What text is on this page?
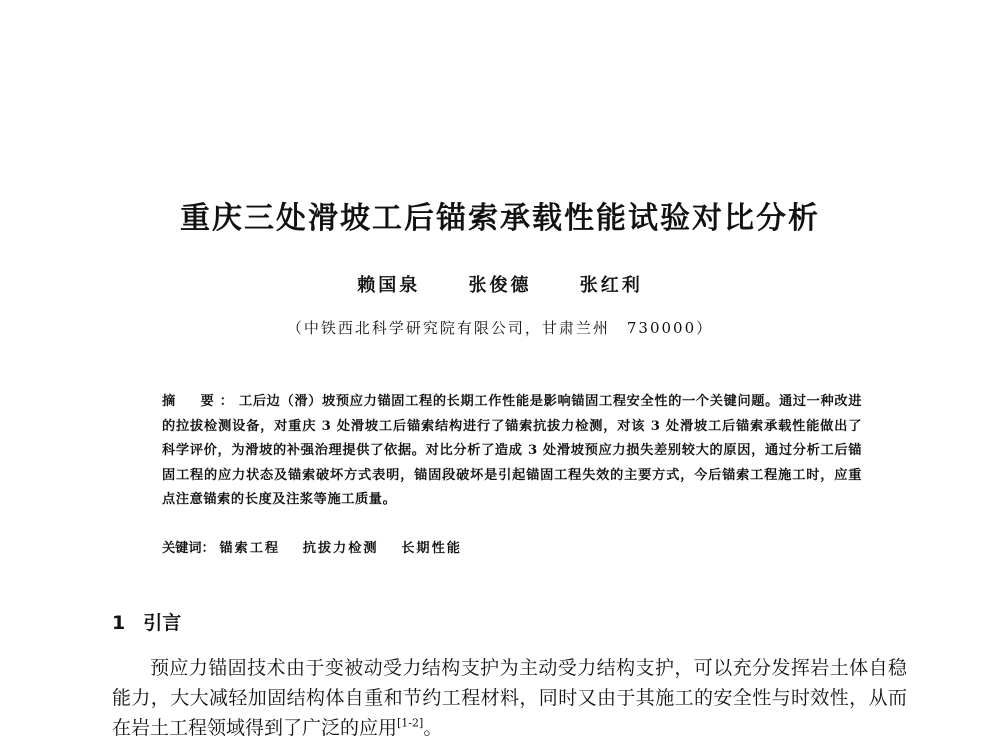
重庆三处滑坡工后锚索承载性能试验对比分析
赖国泉	张俊德	张红利
（中铁西北科学研究院有限公司，甘肃兰州　730000）
摘　要：工后边（滑）坡预应力锚固工程的长期工作性能是影响锚固工程安全性的一个关键问题。通过一种改进的拉拔检测设备，对重庆 3 处滑坡工后锚索结构进行了锚索抗拔力检测，对该 3 处滑坡工后锚索承载性能做出了科学评价，为滑坡的补强治理提供了依据。对比分析了造成 3 处滑坡预应力损失差别较大的原因，通过分析工后锚固工程的应力状态及锚索破坏方式表明，锚固段破坏是引起锚固工程失效的主要方式，今后锚索工程施工时，应重点注意锚索的长度及注浆等施工质量。
关键词： 锚索工程 抗拔力检测 长期性能
1 引言

预应力锚固技术由于变被动受力结构支护为主动受力结构支护，可以充分发挥岩土体自稳能力，大大减轻加固结构体自重和节约工程材料，同时又由于其施工的安全性与时效性，从而在岩土工程领域得到了广泛的应用[1-2]。
